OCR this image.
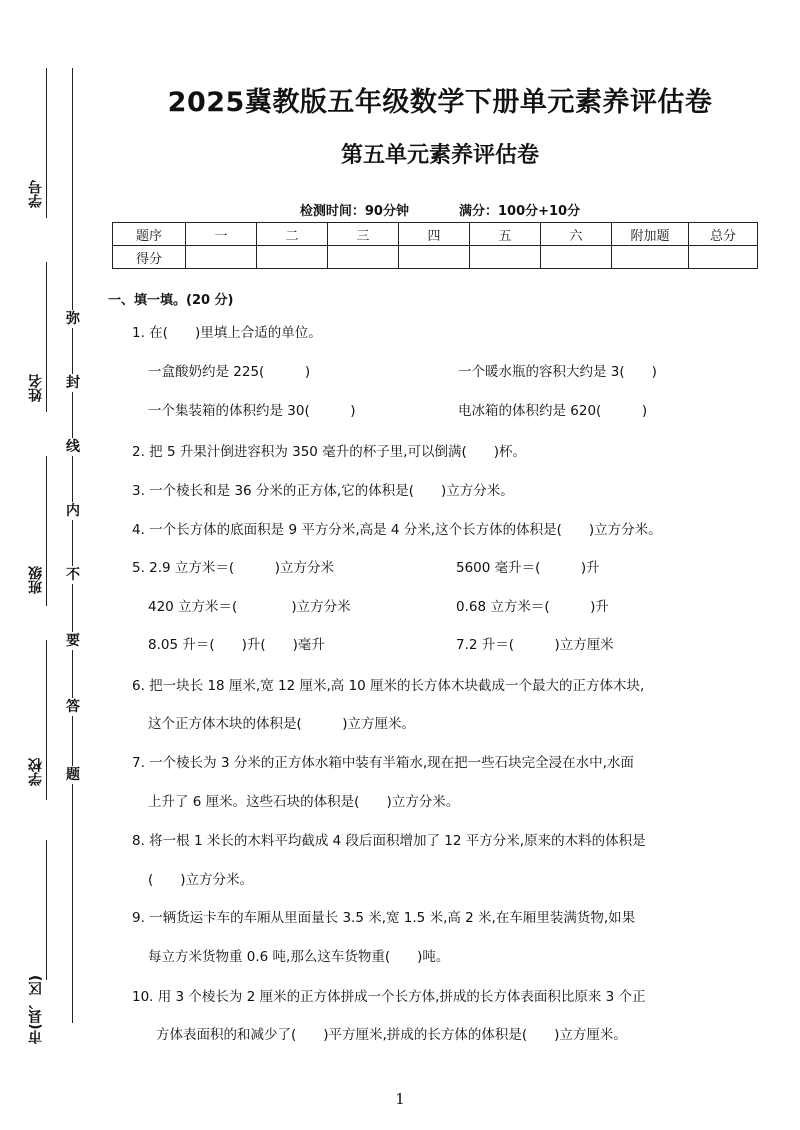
学号
姓名
班级
学校
市(县、区)
弥
封
线
内
不
要
答
题
2025冀教版五年级数学下册单元素养评估卷
第五单元素养评估卷
检测时间：90分钟	满分：100分+10分
题序	一	二	三	四	五	六	附加题	总分
得分								
一、填一填。(20 分)
1. 在(　　)里填上合适的单位。
一盒酸奶约是 225(　　　)	一个暖水瓶的容积大约是 3(　　)
一个集装箱的体积约是 30(　　　)	电冰箱的体积约是 620(　　　)
2. 把 5 升果汁倒进容积为 350 毫升的杯子里,可以倒满(　　)杯。
3. 一个棱长和是 36 分米的正方体,它的体积是(　　)立方分米。
4. 一个长方体的底面积是 9 平方分米,高是 4 分米,这个长方体的体积是(　　)立方分米。
5. 2.9 立方米＝(　　　)立方分米	5600 毫升＝(　　　)升
420 立方米＝(　　　　)立方分米	0.68 立方米＝(　　　)升
8.05 升＝(　　)升(　　)毫升	7.2 升＝(　　　)立方厘米
6. 把一块长 18 厘米,宽 12 厘米,高 10 厘米的长方体木块截成一个最大的正方体木块,
这个正方体木块的体积是(　　　)立方厘米。
7. 一个棱长为 3 分米的正方体水箱中装有半箱水,现在把一些石块完全浸在水中,水面
上升了 6 厘米。这些石块的体积是(　　)立方分米。
8. 将一根 1 米长的木料平均截成 4 段后面积增加了 12 平方分米,原来的木料的体积是
(　　)立方分米。
9. 一辆货运卡车的车厢从里面量长 3.5 米,宽 1.5 米,高 2 米,在车厢里装满货物,如果
每立方米货物重 0.6 吨,那么这车货物重(　　)吨。
10. 用 3 个棱长为 2 厘米的正方体拼成一个长方体,拼成的长方体表面积比原来 3 个正
方体表面积的和减少了(　　)平方厘米,拼成的长方体的体积是(　　)立方厘米。
1
